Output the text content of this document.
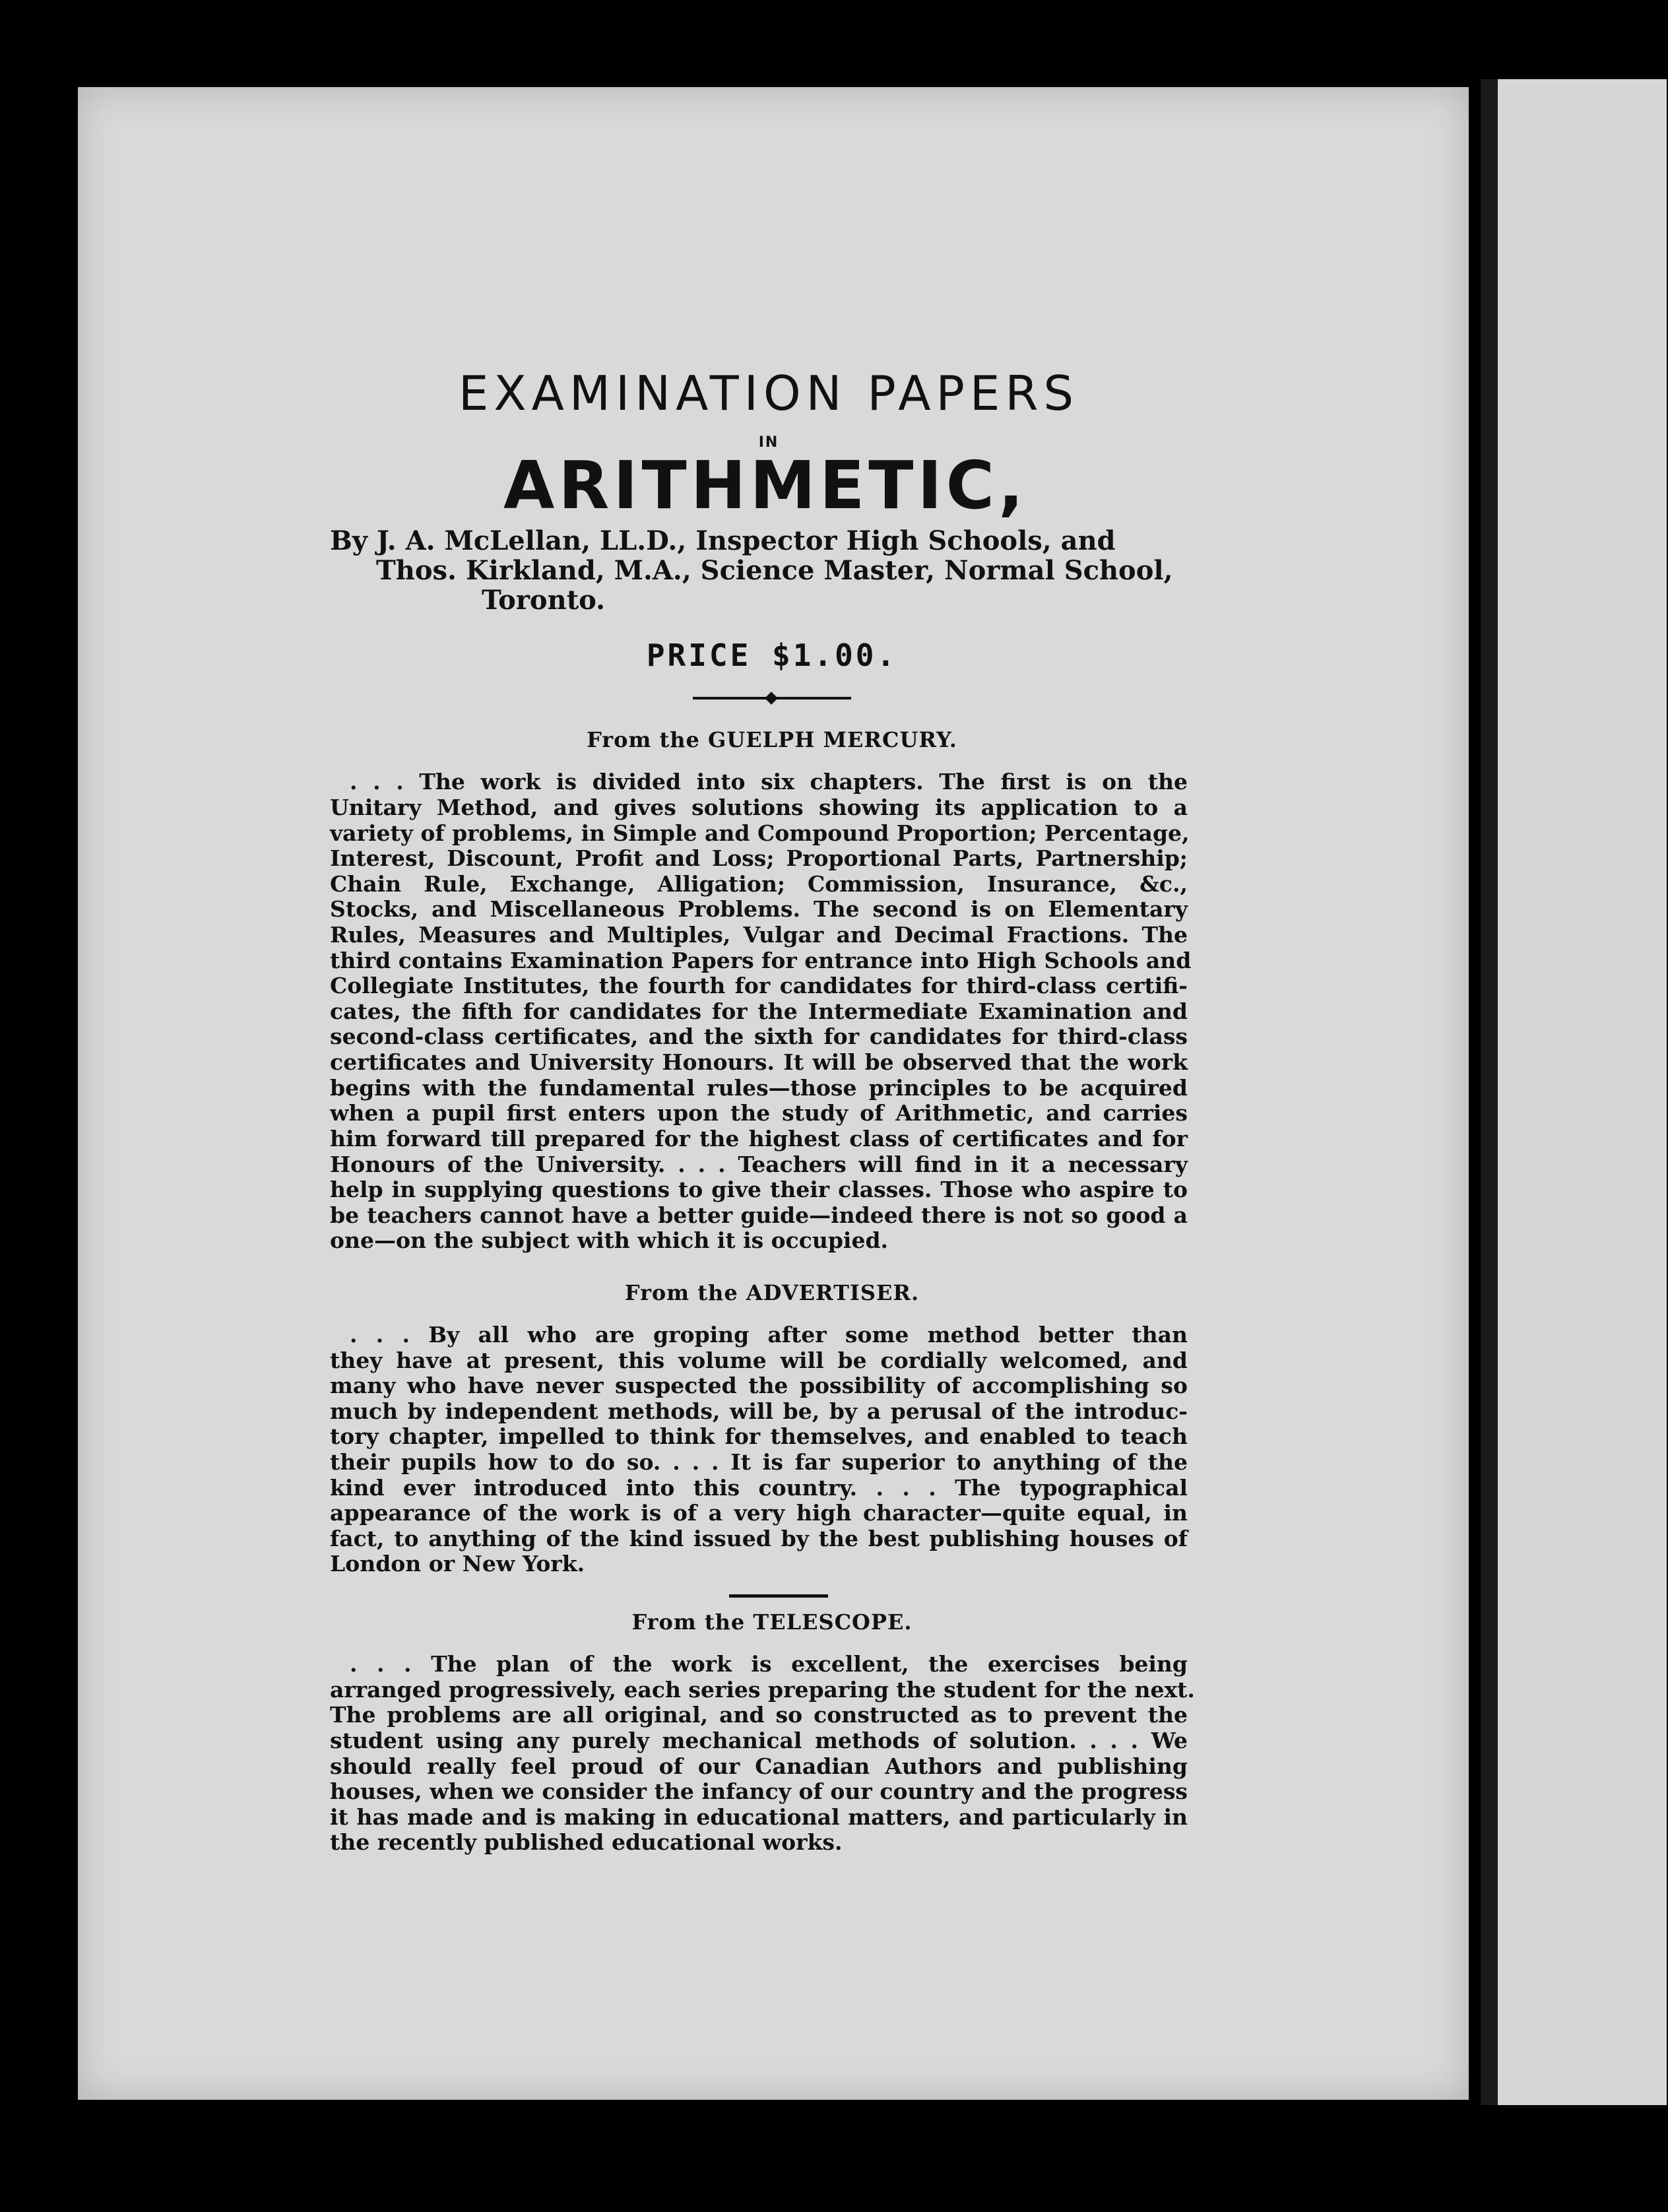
EXAMINATION PAPERS
IN
ARITHMETIC,
By J. A. McLellan, LL.D., Inspector High Schools, and
Thos. Kirkland, M.A., Science Master, Normal School,
Toronto.
PRICE $1.00.
From the GUELPH MERCURY.
. . . The work is divided into six chapters. The first is on the
Unitary Method, and gives solutions showing its application to a
variety of problems, in Simple and Compound Proportion; Percentage,
Interest, Discount, Profit and Loss; Proportional Parts, Partnership;
Chain Rule, Exchange, Alligation; Commission, Insurance, &c.,
Stocks, and Miscellaneous Problems. The second is on Elementary
Rules, Measures and Multiples, Vulgar and Decimal Fractions. The
third contains Examination Papers for entrance into High Schools and
Collegiate Institutes, the fourth for candidates for third-class certifi-
cates, the fifth for candidates for the Intermediate Examination and
second-class certificates, and the sixth for candidates for third-class
certificates and University Honours. It will be observed that the work
begins with the fundamental rules—those principles to be acquired
when a pupil first enters upon the study of Arithmetic, and carries
him forward till prepared for the highest class of certificates and for
Honours of the University. . . . Teachers will find in it a necessary
help in supplying questions to give their classes. Those who aspire to
be teachers cannot have a better guide—indeed there is not so good a
one—on the subject with which it is occupied.
From the ADVERTISER.
. . . By all who are groping after some method better than
they have at present, this volume will be cordially welcomed, and
many who have never suspected the possibility of accomplishing so
much by independent methods, will be, by a perusal of the introduc-
tory chapter, impelled to think for themselves, and enabled to teach
their pupils how to do so. . . . It is far superior to anything of the
kind ever introduced into this country. . . . The typographical
appearance of the work is of a very high character—quite equal, in
fact, to anything of the kind issued by the best publishing houses of
London or New York.
From the TELESCOPE.
. . . The plan of the work is excellent, the exercises being
arranged progressively, each series preparing the student for the next.
The problems are all original, and so constructed as to prevent the
student using any purely mechanical methods of solution. . . . We
should really feel proud of our Canadian Authors and publishing
houses, when we consider the infancy of our country and the progress
it has made and is making in educational matters, and particularly in
the recently published educational works.
